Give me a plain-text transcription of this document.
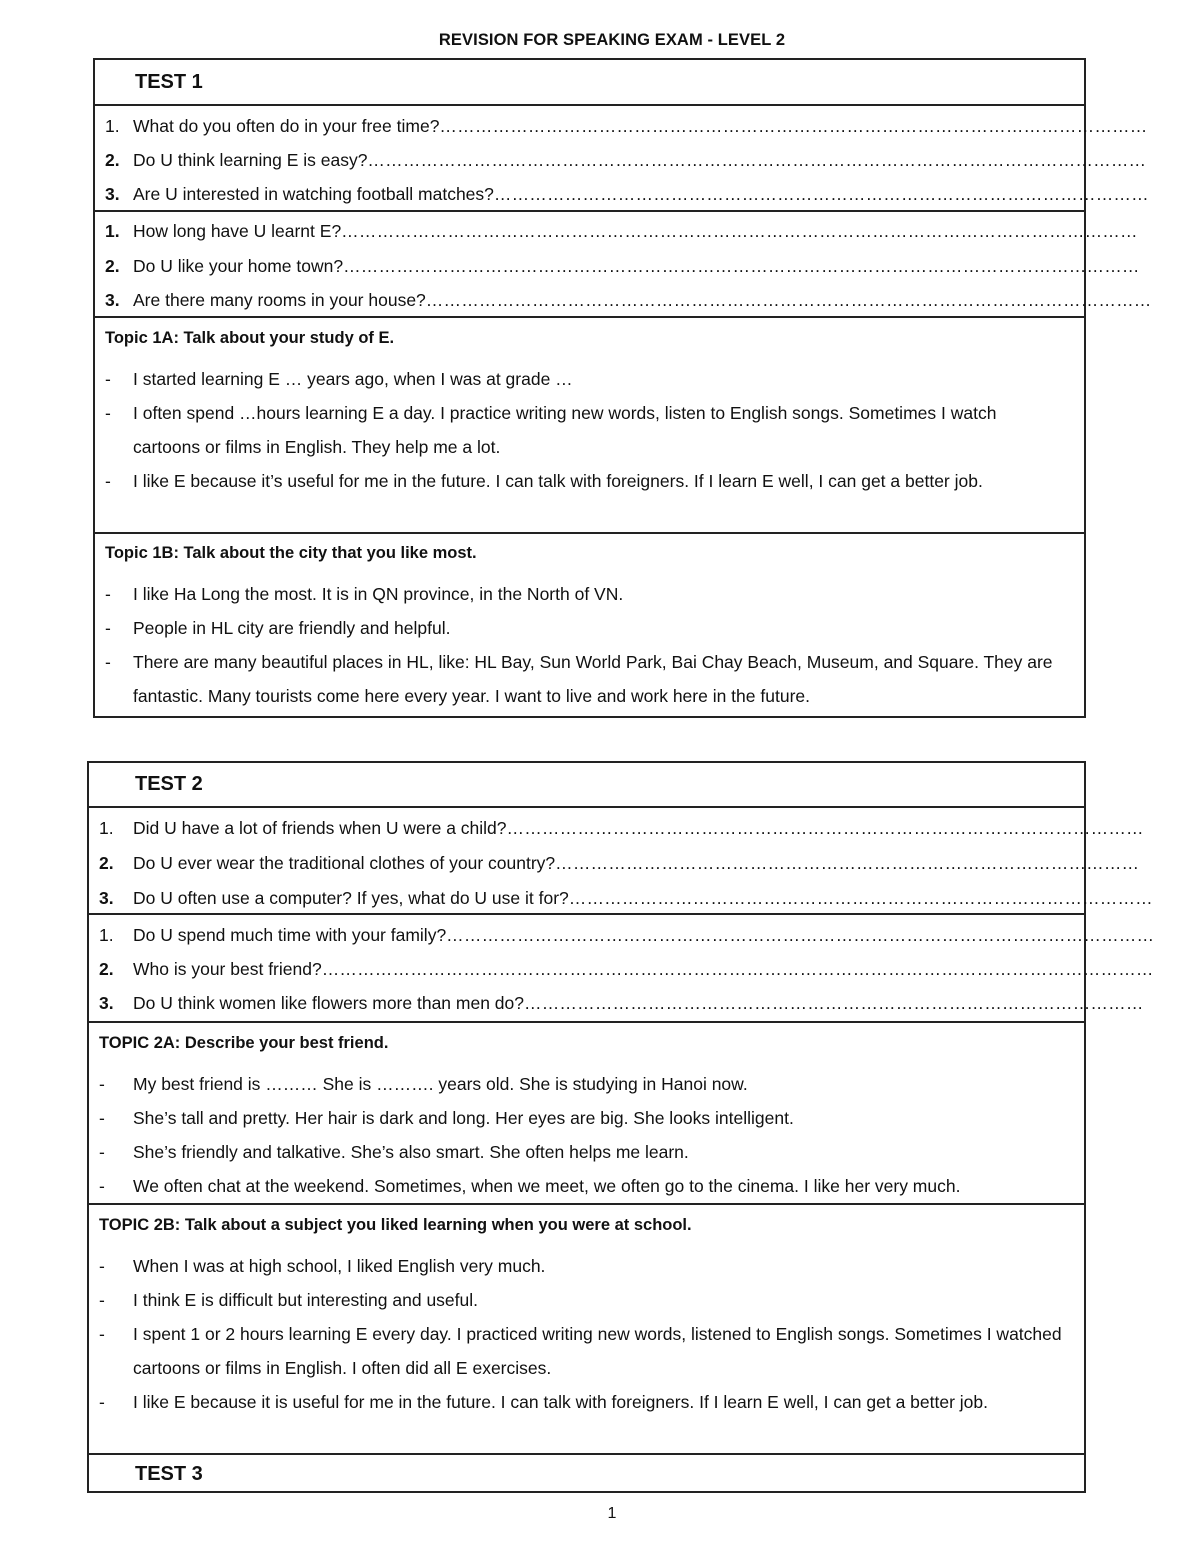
REVISION FOR SPEAKING EXAM - LEVEL 2
TEST 1
1. What do you often do in your free time?…………………………………………………………………………………………………………
2. Do U think learning E is easy?……………………………………………………………………………………………………………………
3. Are U interested in watching football matches?…………………………………………………………………………………………………
1. How long have U learnt E?………………………………………………………………………………………………………………………
2. Do U like your home town?………………………………………………………………………………………………………………………
3. Are there many rooms in your house?……………………………………………………………………………………………………………
Topic 1A: Talk about your study of E.
- I started learning E … years ago, when I was at grade …
- I often spend …hours learning E a day. I practice writing new words, listen to English songs. Sometimes I watch cartoons or films in English. They help me a lot.
- I like E because it’s useful for me in the future. I can talk with foreigners. If I learn E well, I can get a better job.
Topic 1B: Talk about the city that you like most.
- I like Ha Long the most. It is in QN province, in the North of VN.
- People in HL city are friendly and helpful.
- There are many beautiful places in HL, like: HL Bay, Sun World Park, Bai Chay Beach, Museum, and Square. They are fantastic. Many tourists come here every year. I want to live and work here in the future.
TEST 2
1. Did U have a lot of friends when U were a child?………………………………………………………………………………………………
2. Do U ever wear the traditional clothes of your country?………………………………………………………………………………………
3. Do U often use a computer? If yes, what do U use it for?………………………………………………………………………………………
1. Do U spend much time with your family?…………………………………………………………………………………………………………
2. Who is your best friend?……………………………………………………………………………………………………………………………
3. Do U think women like flowers more than men do?……………………………………………………………………………………………
TOPIC 2A: Describe your best friend.
- My best friend is ……… She is ………. years old. She is studying in Hanoi now.
- She’s tall and pretty. Her hair is dark and long. Her eyes are big. She looks intelligent.
- She’s friendly and talkative. She’s also smart. She often helps me learn.
- We often chat at the weekend. Sometimes, when we meet, we often go to the cinema. I like her very much.
TOPIC 2B: Talk about a subject you liked learning when you were at school.
- When I was at high school, I liked English very much.
- I think E is difficult but interesting and useful.
- I spent 1 or 2 hours learning E every day. I practiced writing new words, listened to English songs. Sometimes I watched cartoons or films in English. I often did all E exercises.
- I like E because it is useful for me in the future. I can talk with foreigners. If I learn E well, I can get a better job.
TEST 3
1
